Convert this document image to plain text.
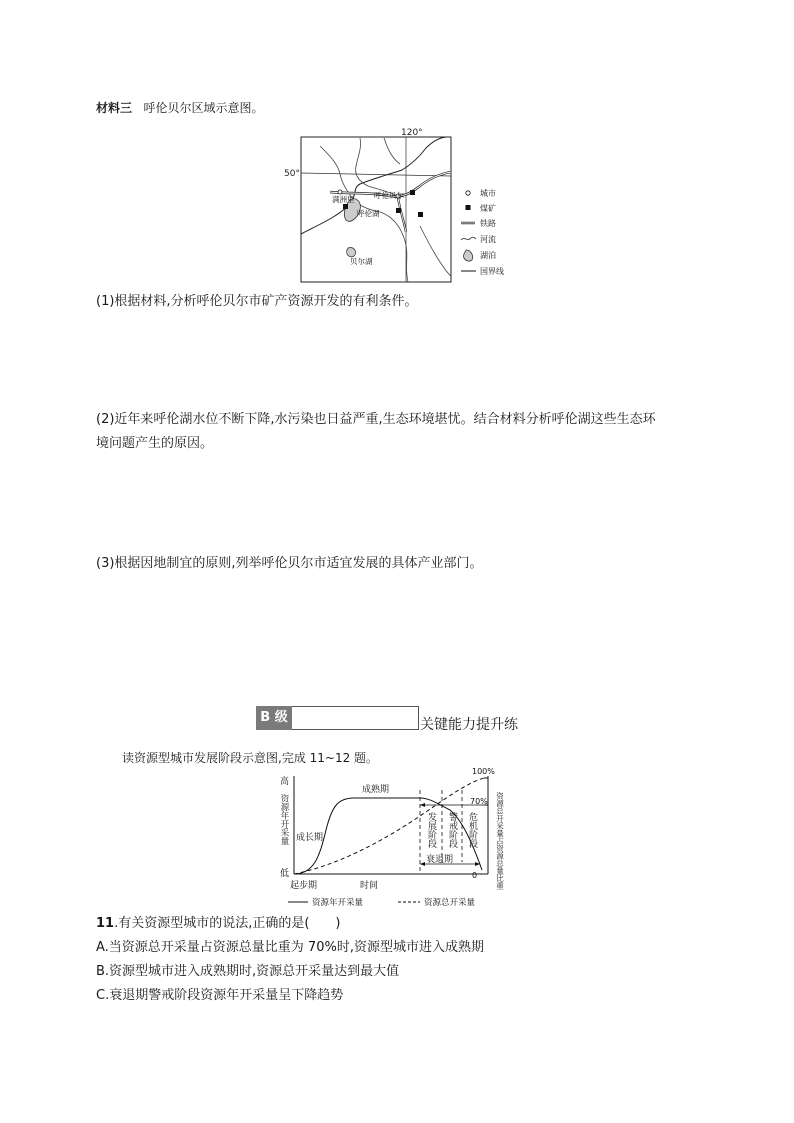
材料三 呼伦贝尔区域示意图。
120°
50°
满洲里	呼伦贝尔
呼伦湖
贝尔湖
城市
煤矿
铁路
河流
湖泊
国界线
(1)根据材料,分析呼伦贝尔市矿产资源开发的有利条件。
(2)近年来呼伦湖水位不断下降,水污染也日益严重,生态环境堪忧。结合材料分析呼伦湖这些生态环
境问题产生的原因。
(3)根据因地制宜的原则,列举呼伦贝尔市适宜发展的具体产业部门。
B 级	关键能力提升练
读资源型城市发展阶段示意图,完成 11~12 题。
高
低
资源年开采量
100%
70%
0 资源总开采量占资源总量比重
成长期
成熟期
发展阶段 警戒阶段 危机阶段
衰退期
起步期	时间
资源年开采量	资源总开采量
11.有关资源型城市的说法,正确的是(　　)
A.当资源总开采量占资源总量比重为 70%时,资源型城市进入成熟期
B.资源型城市进入成熟期时,资源总开采量达到最大值
C.衰退期警戒阶段资源年开采量呈下降趋势
